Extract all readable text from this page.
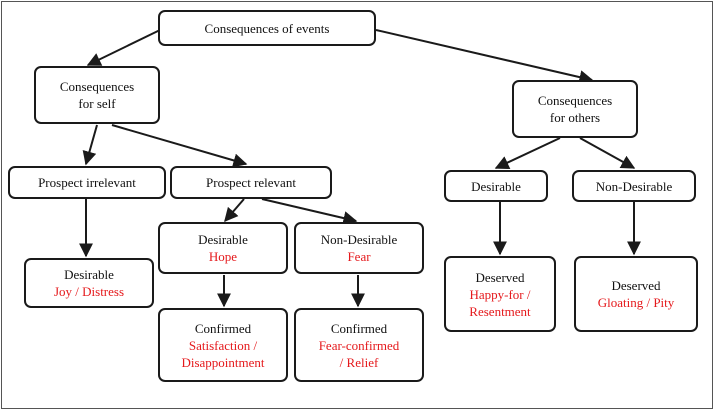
Consequences of events
Consequences
for self	Consequences
for others
Prospect irrelevant	Prospect relevant	Desirable	Non-Desirable
Desirable
Joy / Distress
Desirable
Hope
Non-Desirable
Fear
Confirmed
Satisfaction /
Disappointment
Confirmed
Fear-confirmed
/ Relief
Deserved
Happy-for /
Resentment
Deserved
Gloating / Pity
